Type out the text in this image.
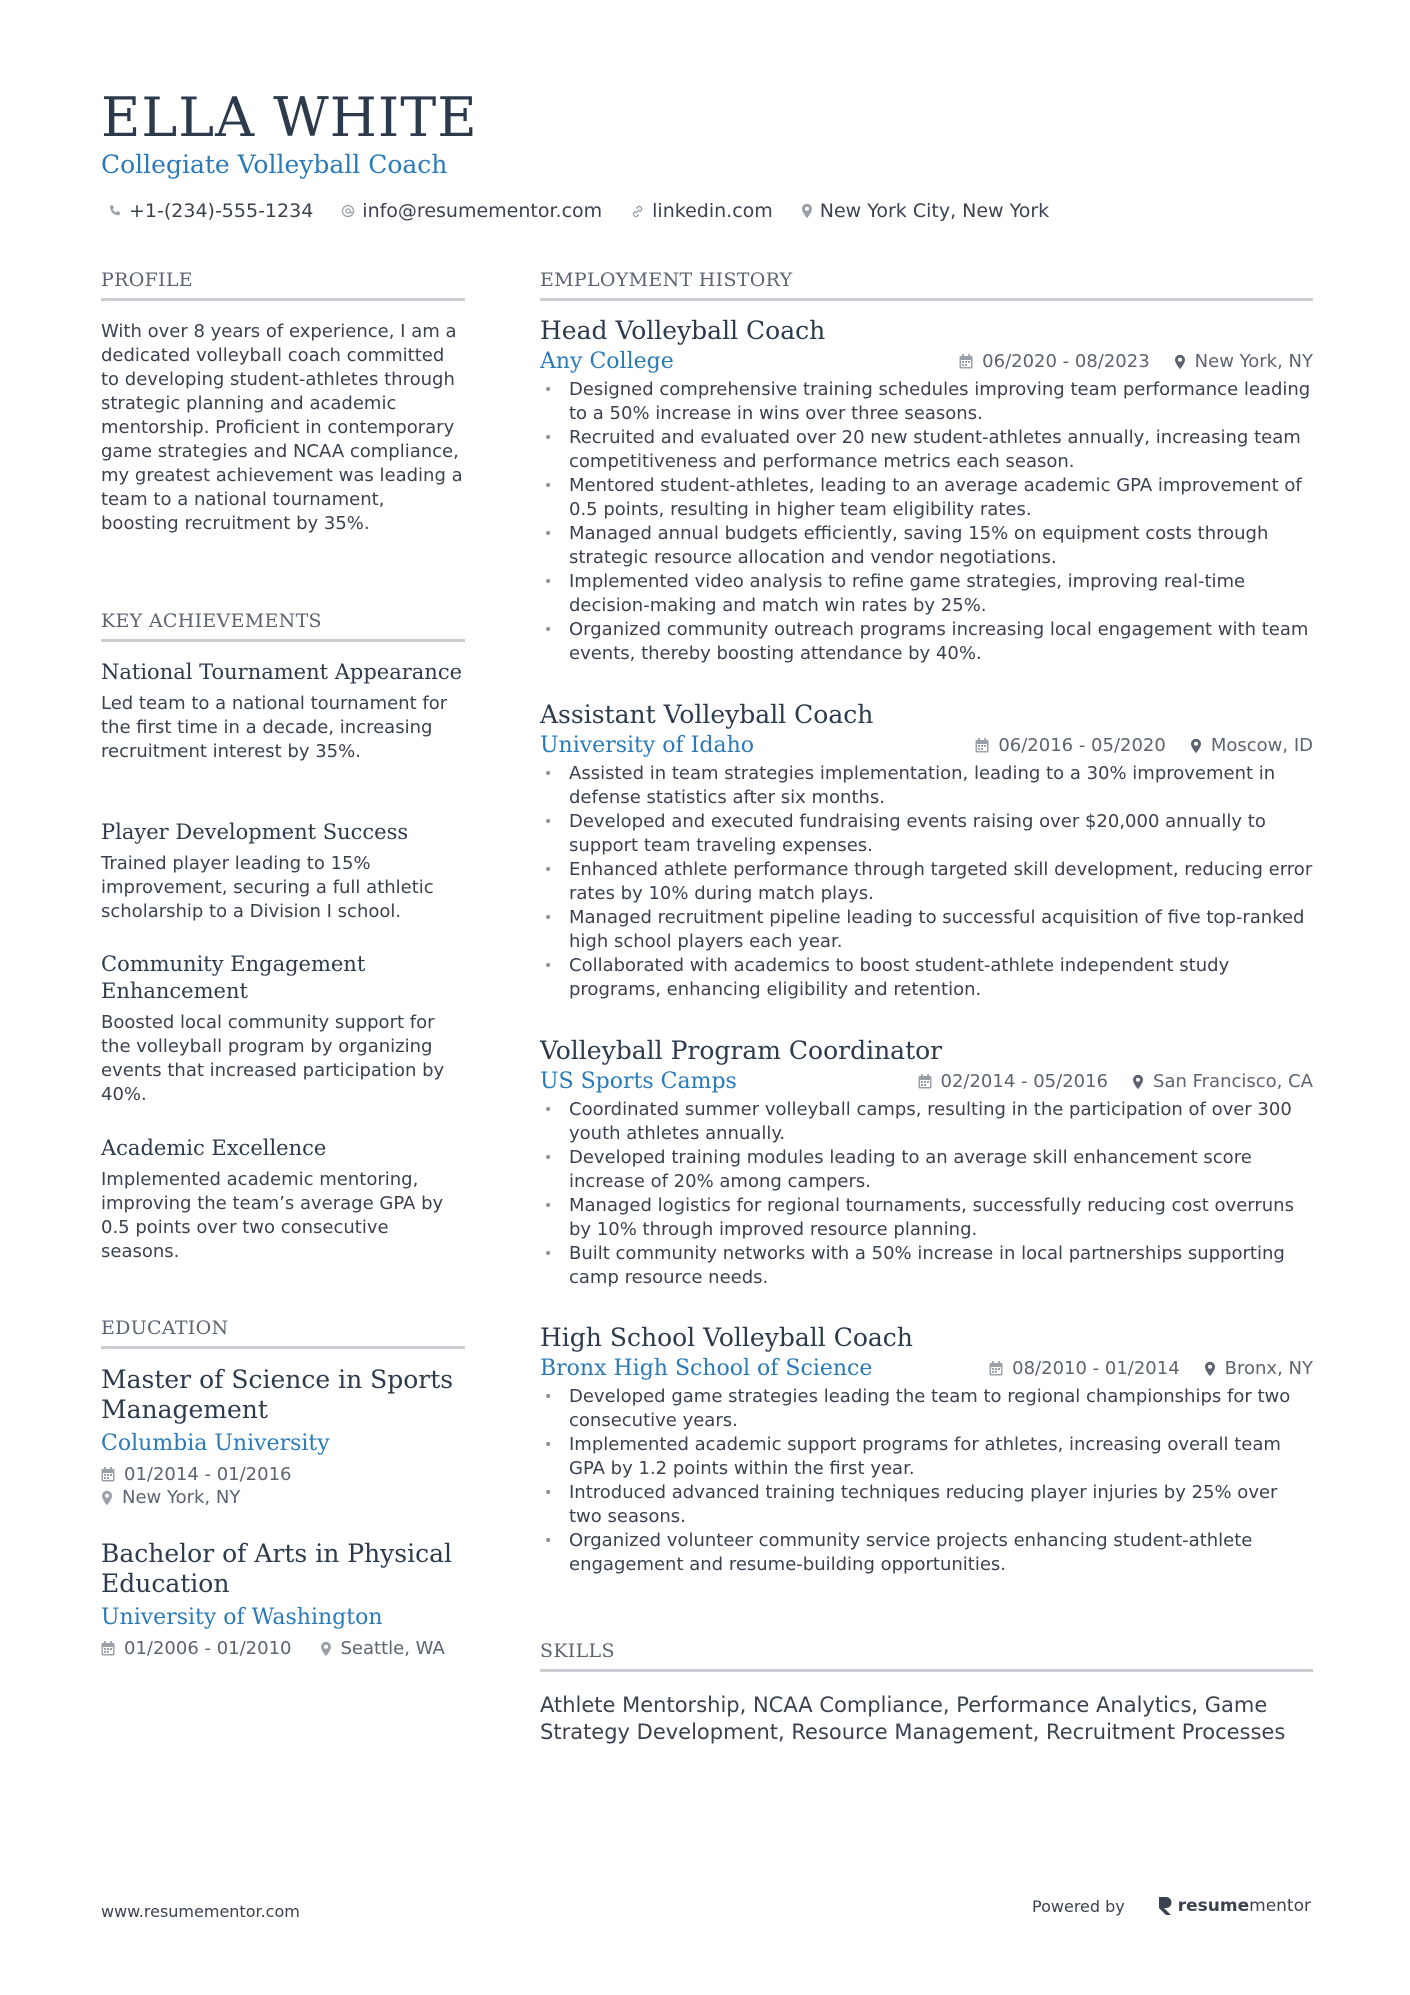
ELLA WHITE
Collegiate Volleyball Coach
+1-(234)-555-1234	info@resumementor.com	linkedin.com New York City, New York
PROFILE

With over 8 years of experience, I am a dedicated volleyball coach committed to developing student-athletes through strategic planning and academic mentorship. Proficient in contemporary game strategies and NCAA compliance, my greatest achievement was leading a team to a national tournament, boosting recruitment by 35%.

KEY ACHIEVEMENTS
National Tournament Appearance
Led team to a national tournament for the first time in a decade, increasing recruitment interest by 35%.
Player Development Success
Trained player leading to 15% improvement, securing a full athletic scholarship to a Division I school.
Community Engagement Enhancement
Boosted local community support for the volleyball program by organizing events that increased participation by 40%.
Academic Excellence
Implemented academic mentoring, improving the team’s average GPA by 0.5 points over two consecutive seasons.
EDUCATION
Master of Science in Sports Management
Columbia University
01/2014 - 01/2016
New York, NY
Bachelor of Arts in Physical Education
University of Washington
01/2006 - 01/2010	Seattle, WA
EMPLOYMENT HISTORY
Head Volleyball Coach
Any College	06/2020 - 08/2023	New York, NY
• Designed comprehensive training schedules improving team performance leading to a 50% increase in wins over three seasons.
• Recruited and evaluated over 20 new student-athletes annually, increasing team competitiveness and performance metrics each season.
• Mentored student-athletes, leading to an average academic GPA improvement of 0.5 points, resulting in higher team eligibility rates.
• Managed annual budgets efficiently, saving 15% on equipment costs through strategic resource allocation and vendor negotiations.
• Implemented video analysis to refine game strategies, improving real-time decision-making and match win rates by 25%.
• Organized community outreach programs increasing local engagement with team events, thereby boosting attendance by 40%.
Assistant Volleyball Coach
University of Idaho	06/2016 - 05/2020	Moscow, ID
• Assisted in team strategies implementation, leading to a 30% improvement in defense statistics after six months.
• Developed and executed fundraising events raising over $20,000 annually to support team traveling expenses.
• Enhanced athlete performance through targeted skill development, reducing error rates by 10% during match plays.
• Managed recruitment pipeline leading to successful acquisition of five top-ranked high school players each year.
• Collaborated with academics to boost student-athlete independent study programs, enhancing eligibility and retention.
Volleyball Program Coordinator
US Sports Camps	02/2014 - 05/2016	San Francisco, CA
• Coordinated summer volleyball camps, resulting in the participation of over 300 youth athletes annually.
• Developed training modules leading to an average skill enhancement score increase of 20% among campers.
• Managed logistics for regional tournaments, successfully reducing cost overruns by 10% through improved resource planning.
• Built community networks with a 50% increase in local partnerships supporting camp resource needs.
High School Volleyball Coach
Bronx High School of Science	08/2010 - 01/2014	Bronx, NY
• Developed game strategies leading the team to regional championships for two consecutive years.
• Implemented academic support programs for athletes, increasing overall team GPA by 1.2 points within the first year.
• Introduced advanced training techniques reducing player injuries by 25% over two seasons.
• Organized volunteer community service projects enhancing student-athlete engagement and resume-building opportunities.
SKILLS

Athlete Mentorship, NCAA Compliance, Performance Analytics, Game Strategy Development, Resource Management, Recruitment Processes

www.resumementor.com	Powered by	resume mentor
